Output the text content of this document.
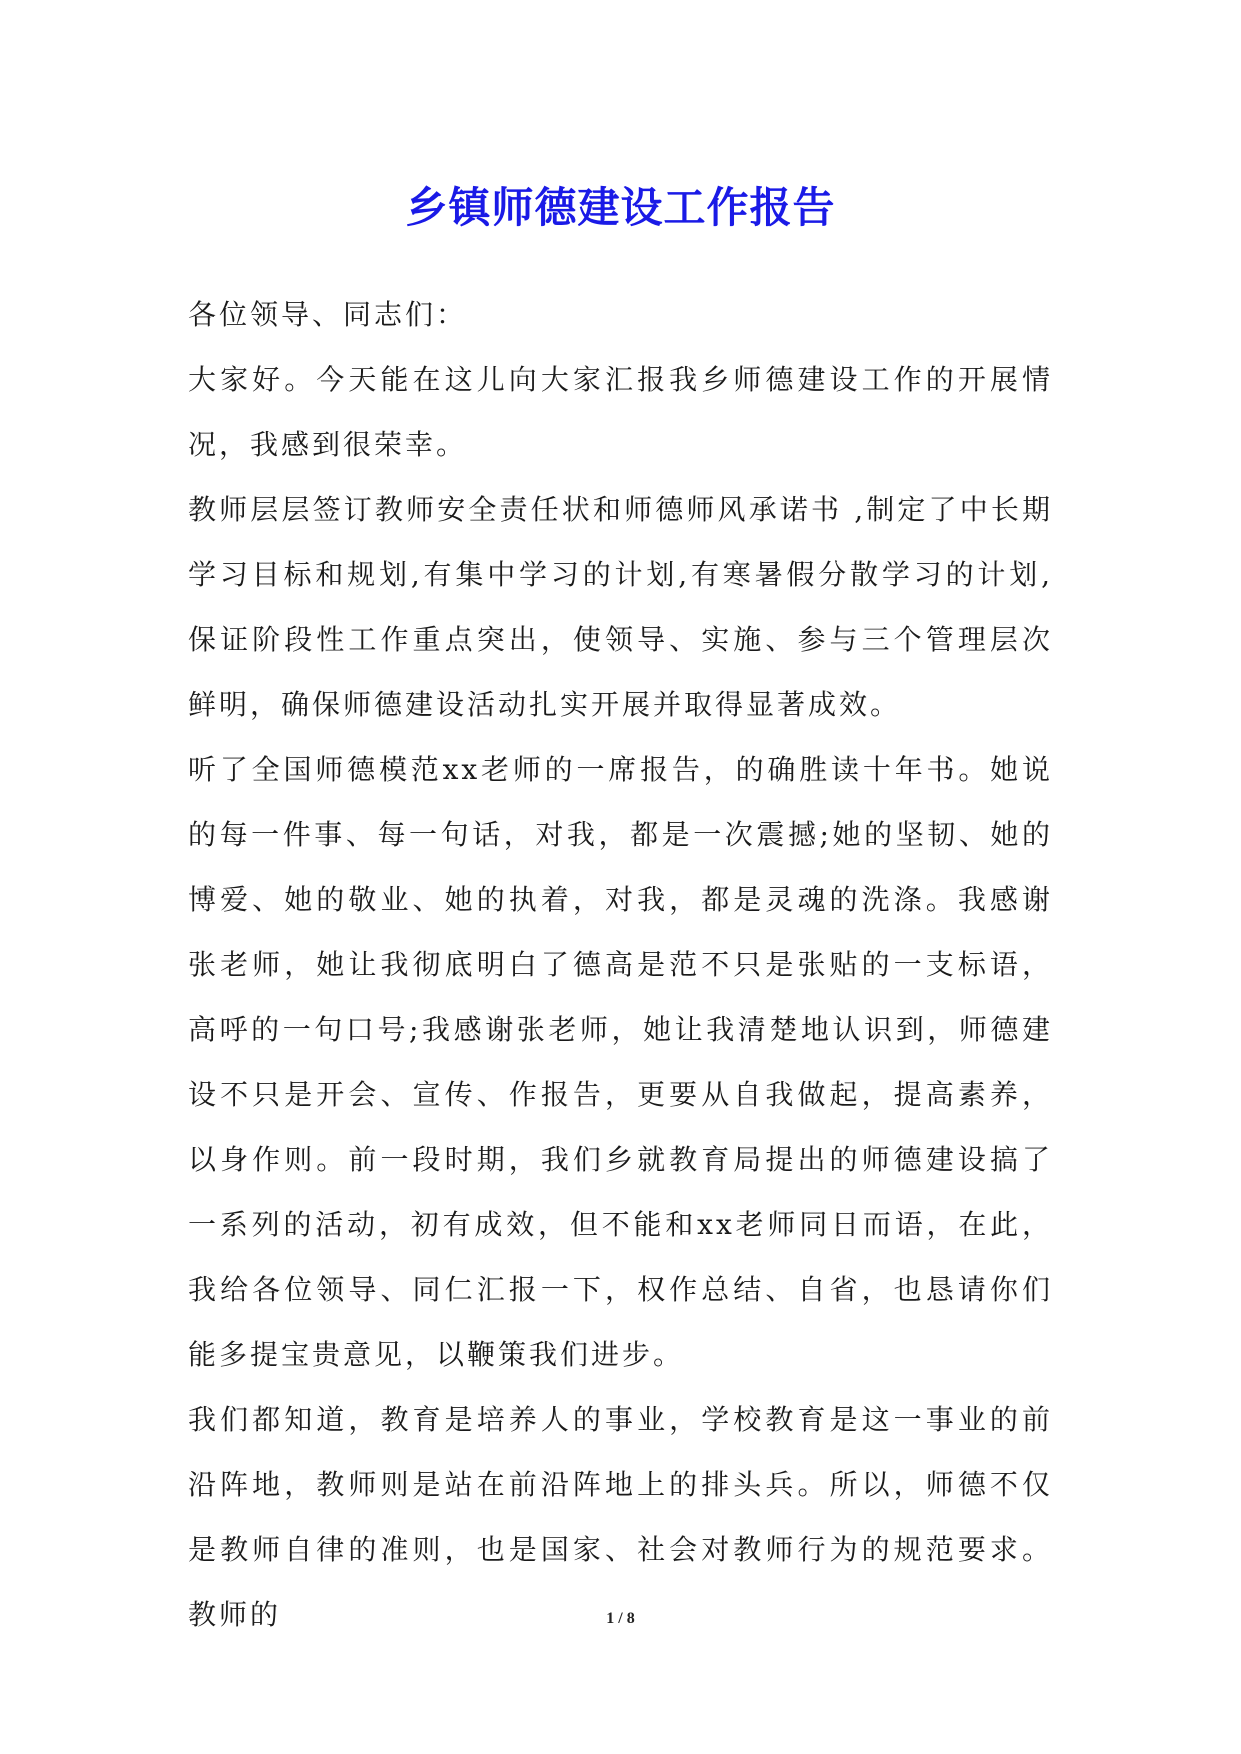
乡镇师德建设工作报告

各位领导、同志们：

大家好。今天能在这儿向大家汇报我乡师德建设工作的开展情况，我感到很荣幸。

教师层层签订教师安全责任状和师德师风承诺书 ,制定了中长期学习目标和规划,有集中学习的计划,有寒暑假分散学习的计划,保证阶段性工作重点突出，使领导、实施、参与三个管理层次鲜明，确保师德建设活动扎实开展并取得显著成效。

听了全国师德模范xx老师的一席报告，的确胜读十年书。她说的每一件事、每一句话，对我，都是一次震撼;她的坚韧、她的博爱、她的敬业、她的执着，对我，都是灵魂的洗涤。我感谢张老师，她让我彻底明白了德高是范不只是张贴的一支标语，高呼的一句口号;我感谢张老师，她让我清楚地认识到，师德建设不只是开会、宣传、作报告，更要从自我做起，提高素养，以身作则。前一段时期，我们乡就教育局提出的师德建设搞了一系列的活动，初有成效，但不能和xx老师同日而语，在此，我给各位领导、同仁汇报一下，权作总结、自省，也恳请你们能多提宝贵意见，以鞭策我们进步。

我们都知道，教育是培养人的事业，学校教育是这一事业的前沿阵地，教师则是站在前沿阵地上的排头兵。所以，师德不仅是教师自律的准则，也是国家、社会对教师行为的规范要求。教师的	1 / 8
